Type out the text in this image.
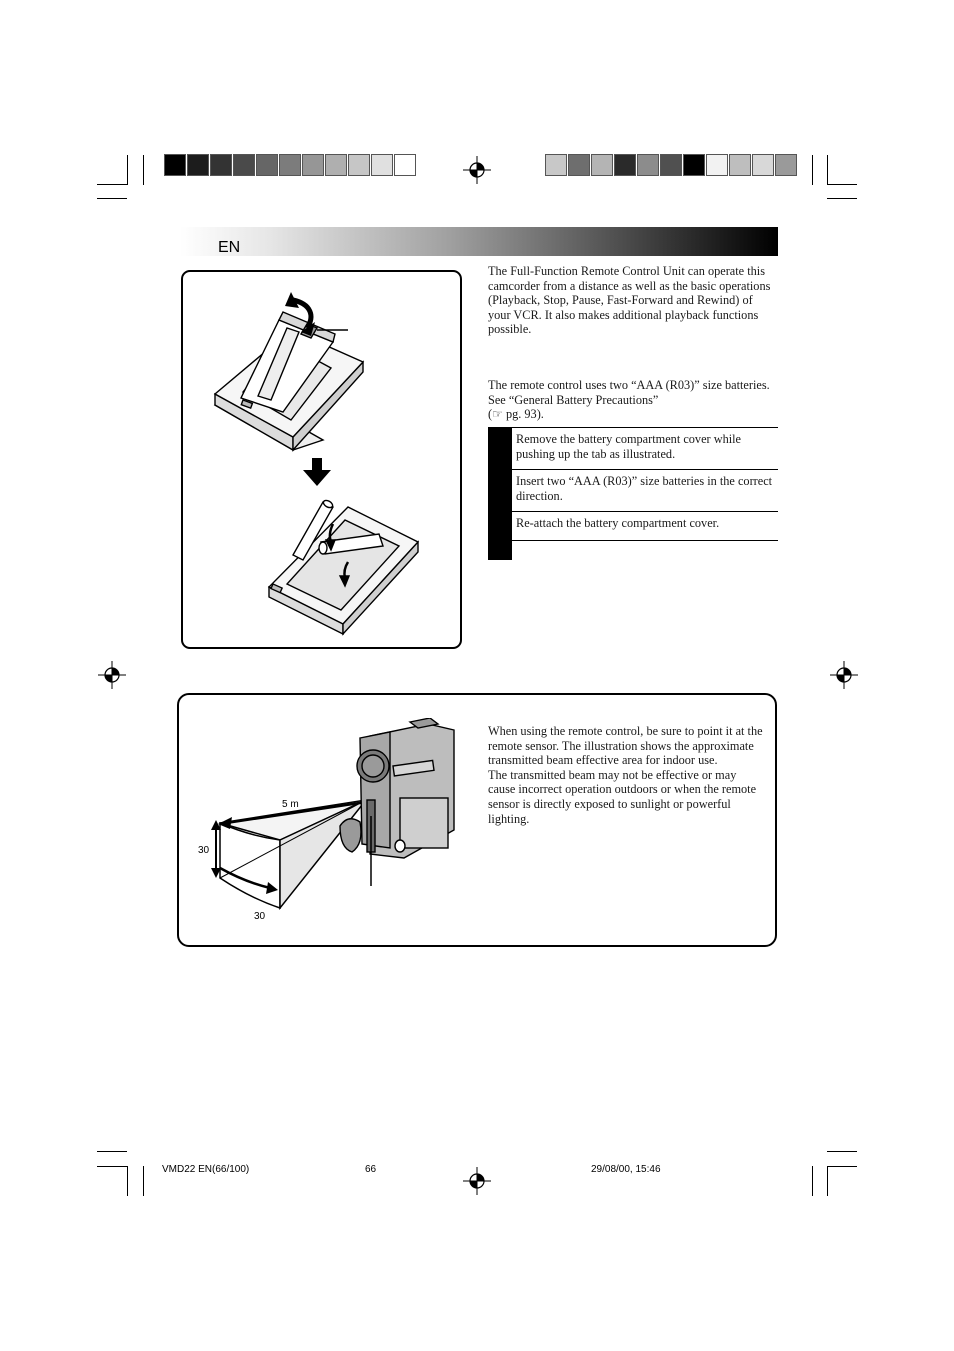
EN
The Full-Function Remote Control Unit can operate this camcorder from a distance as well as the basic operations (Playback, Stop, Pause, Fast-Forward and Rewind) of your VCR. It also makes additional playback functions possible.
The remote control uses two “AAA (R03)” size batteries. See “General Battery Precautions”
(☞ pg. 93).
Remove the battery compartment cover while pushing up the tab as illustrated.
Insert two “AAA (R03)” size batteries in the correct direction.
Re-attach the battery compartment cover.
5 m
30
30
When using the remote control, be sure to point it at the remote sensor. The illustration shows the approximate transmitted beam effective area for indoor use.
The transmitted beam may not be effective or may cause incorrect operation outdoors or when the remote sensor is directly exposed to sunlight or powerful lighting.
VMD22 EN(66/100)	66	29/08/00, 15:46
